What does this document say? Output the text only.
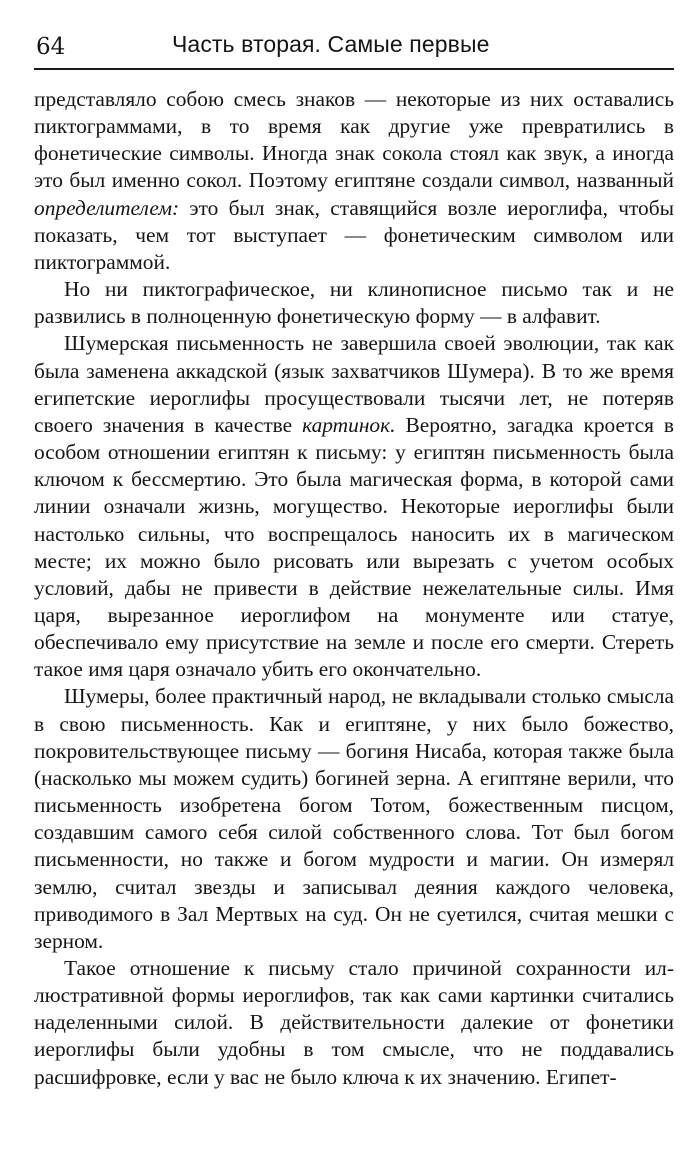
64	Часть вторая. Самые первые

представляло собою смесь знаков — некоторые из них оставались пиктограммами, в то время как другие уже превратились в фонетические символы. Иногда знак сокола стоял как звук, а иногда это был именно сокол. Поэтому египтяне создали символ, названный определителем: это был знак, ставящийся возле иероглифа, чтобы показать, чем тот выступает — фонетическим символом или пиктограммой.

Но ни пиктографическое, ни клинописное письмо так и не развились в полноценную фонетическую форму — в алфавит.

Шумерская письменность не завершила своей эволюции, так как была заменена аккадской (язык захватчиков Шумера). В то же время египетские иероглифы просуществовали тысячи лет, не потеряв своего значения в качестве картинок. Вероятно, загадка кроется в особом отношении египтян к письму: у египтян письменность была ключом к бессмертию. Это была магическая форма, в которой сами линии означали жизнь, могущество. Некоторые иероглифы были настолько сильны, что воспрещалось наносить их в магическом месте; их можно было рисовать или вырезать с учетом особых условий, дабы не привести в действие нежелательные силы. Имя царя, вырезанное иероглифом на монументе или статуе, обеспечивало ему присутствие на земле и после его смерти. Стереть такое имя царя означало убить его окончательно.

Шумеры, более практичный народ, не вкладывали столько смысла в свою письменность. Как и египтяне, у них было божество, покровительствующее письму — богиня Нисаба, которая также была (насколько мы можем судить) богиней зерна. А египтяне верили, что письменность изобретена богом Тотом, божественным писцом, создавшим самого себя силой собственного слова. Тот был богом письменности, но также и богом мудрости и магии. Он измерял землю, считал звезды и записывал деяния каждого человека, приводимого в Зал Мертвых на суд. Он не суетился, считая мешки с зерном.

Такое отношение к письму стало причиной сохранности иллюстративной формы иероглифов, так как сами картинки считались наделенными силой. В действительности далекие от фонетики иероглифы были удобны в том смысле, что не поддавались расшифровке, если у вас не было ключа к их значению. Египет-
